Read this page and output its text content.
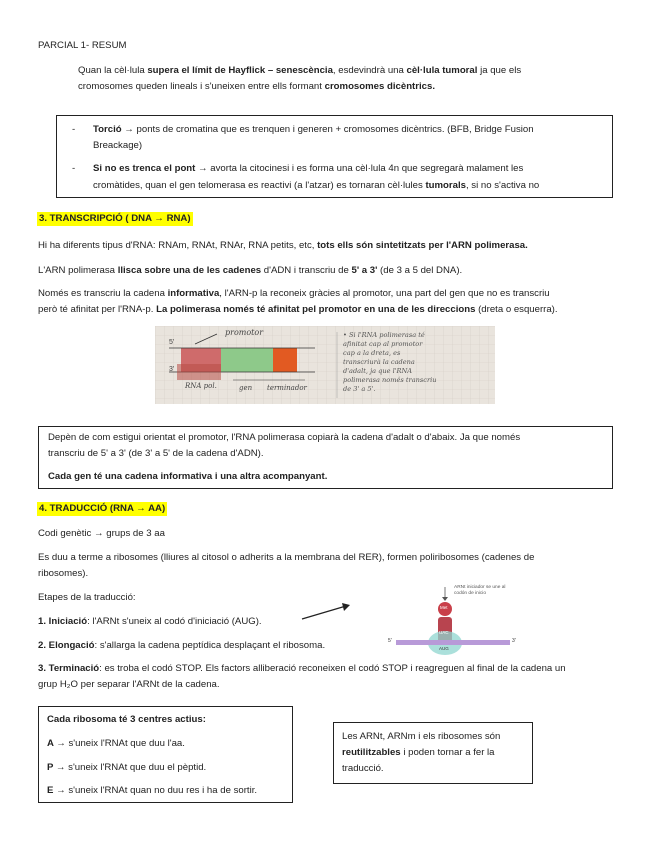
PARCIAL 1- RESUM
Quan la cèl·lula supera el límit de Hayflick – senescència, esdevindrà una cèl·lula tumoral ja que els
cromosomes queden lineals i s'uneixen entre ells formant cromosomes dicèntrics.
- Torció → ponts de cromatina que es trenquen i generen + cromosomes dicèntrics. (BFB, Bridge Fusion
Breackage)
- Si no es trenca el pont → avorta la citocinesi i es forma una cèl·lula 4n que segregarà malament les
cromàtides, quan el gen telomerasa es reactivi (a l'atzar) es tornaran cèl·lules tumorals, si no s'activa no
3. TRANSCRIPCIÓ ( DNA → RNA)
Hi ha diferents tipus d'RNA: RNAm, RNAt, RNAr, RNA petits, etc, tots ells són sintetitzats per l'ARN polimerasa.
L'ARN polimerasa llisca sobre una de les cadenes d'ADN i transcriu de 5' a 3' (de 3 a 5 del DNA).
Només es transcriu la cadena informativa, l'ARN-p la reconeix gràcies al promotor, una part del gen que no es transcriu
però té afinitat per l'RNA-p. La polimerasa només té afinitat pel promotor en una de les direccions (dreta o esquerra).
promotor
5'
3'
RNA pol.	gen terminador
• Si l'RNA polimerasa té
afinitat cap al promotor
cap a la dreta, es
transcriurà la cadena
d'adalt, ja que l'RNA
polimerasa només transcriu
de 3' a 5'.
Depèn de com estigui orientat el promotor, l'RNA polimerasa copiarà la cadena d'adalt o d'abaix. Ja que només
transcriu de 5' a 3' (de 3' a 5' de la cadena d'ADN).
Cada gen té una cadena informativa i una altra acompanyant.
4. TRADUCCIÓ (RNA → AA)
Codi genètic → grups de 3 aa
Es duu a terme a ribosomes (lliures al citosol o adherits a la membrana del RER), formen poliribosomes (cadenes de
ribosomes).
Etapes de la traducció:
1. Iniciació: l'ARNt s'uneix al codó d'iniciació (AUG).
2. Elongació: s'allarga la cadena peptídica desplaçant el ribosoma.
3. Terminació: es troba el codó STOP. Els factors alliberació reconeixen el codó STOP i reagreguen al final de la cadena un
grup H₂O per separar l'ARNt de la cadena.
ARNt iniciador se une al
codón de inicio
Met
UAC
AUG
5'	3'
Cada ribosoma té 3 centres actius:
A → s'uneix l'RNAt que duu l'aa.
P → s'uneix l'RNAt que duu el pèptid.
E → s'uneix l'RNAt quan no duu res i ha de sortir.
Les ARNt, ARNm i els ribosomes són
reutilitzables i poden tornar a fer la
traducció.
